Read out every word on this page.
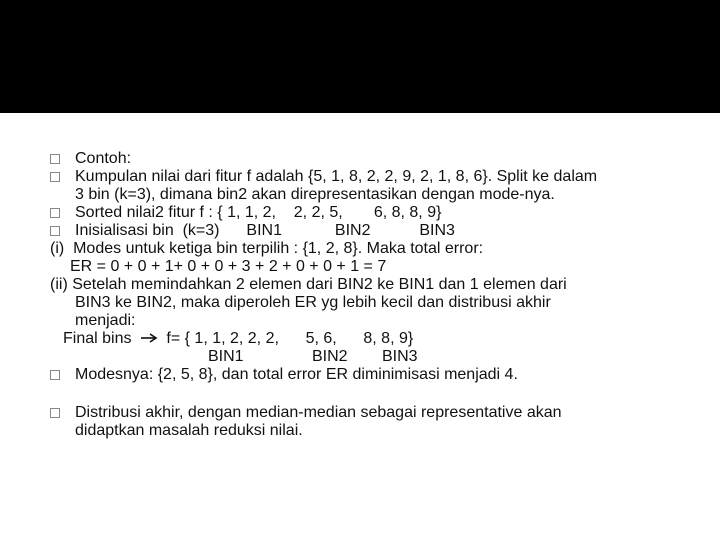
Contoh:
Kumpulan nilai dari fitur f adalah {5, 1, 8, 2, 2, 9, 2, 1, 8, 6}. Split ke dalam
3 bin (k=3), dimana bin2 akan direpresentasikan dengan mode-nya.
Sorted nilai2 fitur f : { 1, 1, 2,    2, 2, 5,       6, 8, 8, 9}
Inisialisasi bin  (k=3) BIN1	BIN2	BIN3
(i)  Modes untuk ketiga bin terpilih : {1, 2, 8}. Maka total error:
ER = 0 + 0 + 1+ 0 + 0 + 3 + 2 + 0 + 0 + 1 = 7
(ii) Setelah memindahkan 2 elemen dari BIN2 ke BIN1 dan 1 elemen dari
BIN3 ke BIN2, maka diperoleh ER yg lebih kecil dan distribusi akhir
menjadi:
Final bins f= { 1, 1, 2, 2, 2,      5, 6,      8, 8, 9}
BIN1	BIN2 BIN3
Modesnya: {2, 5, 8}, dan total error ER diminimisasi menjadi 4.
Distribusi akhir, dengan median-median sebagai representative akan
didaptkan masalah reduksi nilai.
